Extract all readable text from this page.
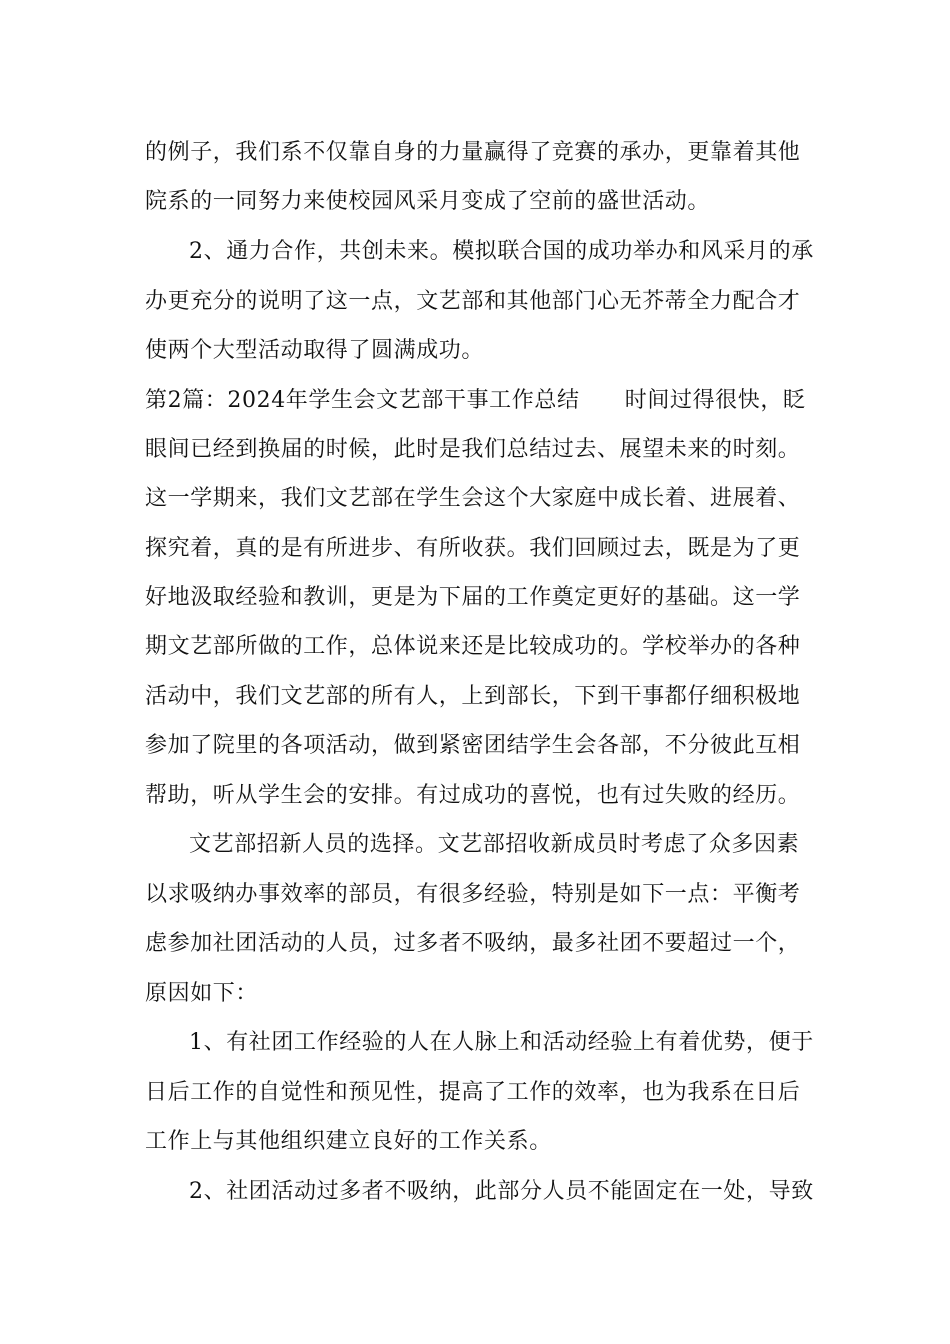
的例子，我们系不仅靠自身的力量赢得了竞赛的承办，更靠着其他
院系的一同努力来使校园风采月变成了空前的盛世活动。
2、通力合作，共创未来。模拟联合国的成功举办和风采月的承
办更充分的说明了这一点，文艺部和其他部门心无芥蒂全力配合才
使两个大型活动取得了圆满成功。
第2篇：2024年学生会文艺部干事工作总结　　时间过得很快，眨
眼间已经到换届的时候，此时是我们总结过去、展望未来的时刻。
这一学期来，我们文艺部在学生会这个大家庭中成长着、进展着、
探究着，真的是有所进步、有所收获。我们回顾过去，既是为了更
好地汲取经验和教训，更是为下届的工作奠定更好的基础。这一学
期文艺部所做的工作，总体说来还是比较成功的。学校举办的各种
活动中，我们文艺部的所有人，上到部长，下到干事都仔细积极地
参加了院里的各项活动，做到紧密团结学生会各部，不分彼此互相
帮助，听从学生会的安排。有过成功的喜悦，也有过失败的经历。
文艺部招新人员的选择。文艺部招收新成员时考虑了众多因素
以求吸纳办事效率的部员，有很多经验，特别是如下一点：平衡考
虑参加社团活动的人员，过多者不吸纳，最多社团不要超过一个，
原因如下：
1、有社团工作经验的人在人脉上和活动经验上有着优势，便于
日后工作的自觉性和预见性，提高了工作的效率，也为我系在日后
工作上与其他组织建立良好的工作关系。
2、社团活动过多者不吸纳，此部分人员不能固定在一处，导致
